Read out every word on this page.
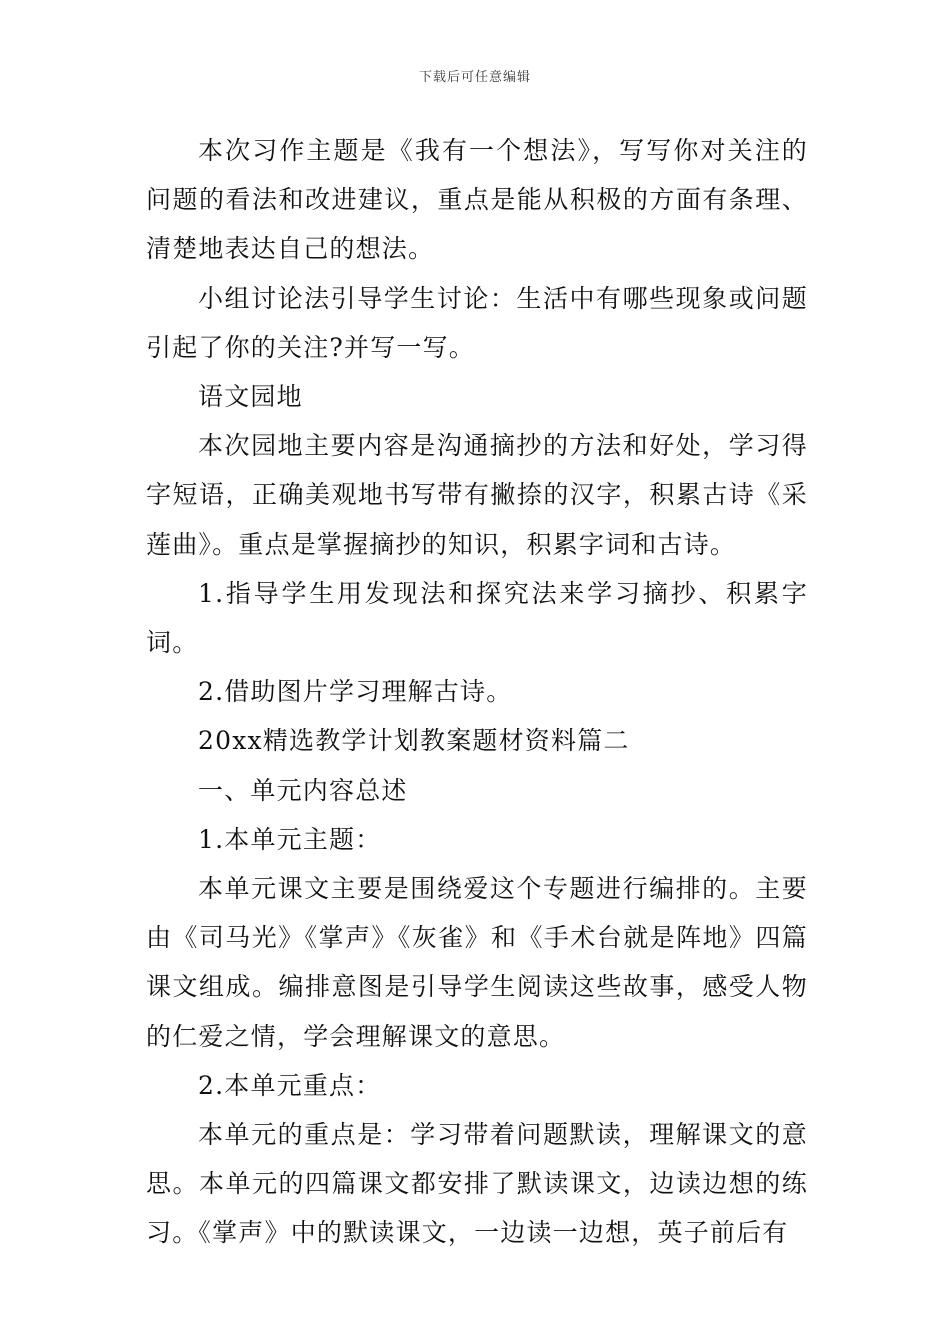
下载后可任意编辑

本次习作主题是《我有一个想法》，写写你对关注的问题的看法和改进建议，重点是能从积极的方面有条理、清楚地表达自己的想法。

小组讨论法引导学生讨论：生活中有哪些现象或问题引起了你的关注?并写一写。

语文园地

本次园地主要内容是沟通摘抄的方法和好处，学习得字短语，正确美观地书写带有撇捺的汉字，积累古诗《采莲曲》。重点是掌握摘抄的知识，积累字词和古诗。

1.指导学生用发现法和探究法来学习摘抄、积累字词。

2.借助图片学习理解古诗。

20xx精选教学计划教案题材资料篇二

一、单元内容总述

1.本单元主题：

本单元课文主要是围绕爱这个专题进行编排的。主要由《司马光》《掌声》《灰雀》和《手术台就是阵地》四篇课文组成。编排意图是引导学生阅读这些故事，感受人物的仁爱之情，学会理解课文的意思。

2.本单元重点：

本单元的重点是：学习带着问题默读，理解课文的意思。本单元的四篇课文都安排了默读课文，边读边想的练习。《掌声》中的默读课文，一边读一边想，英子前后有
